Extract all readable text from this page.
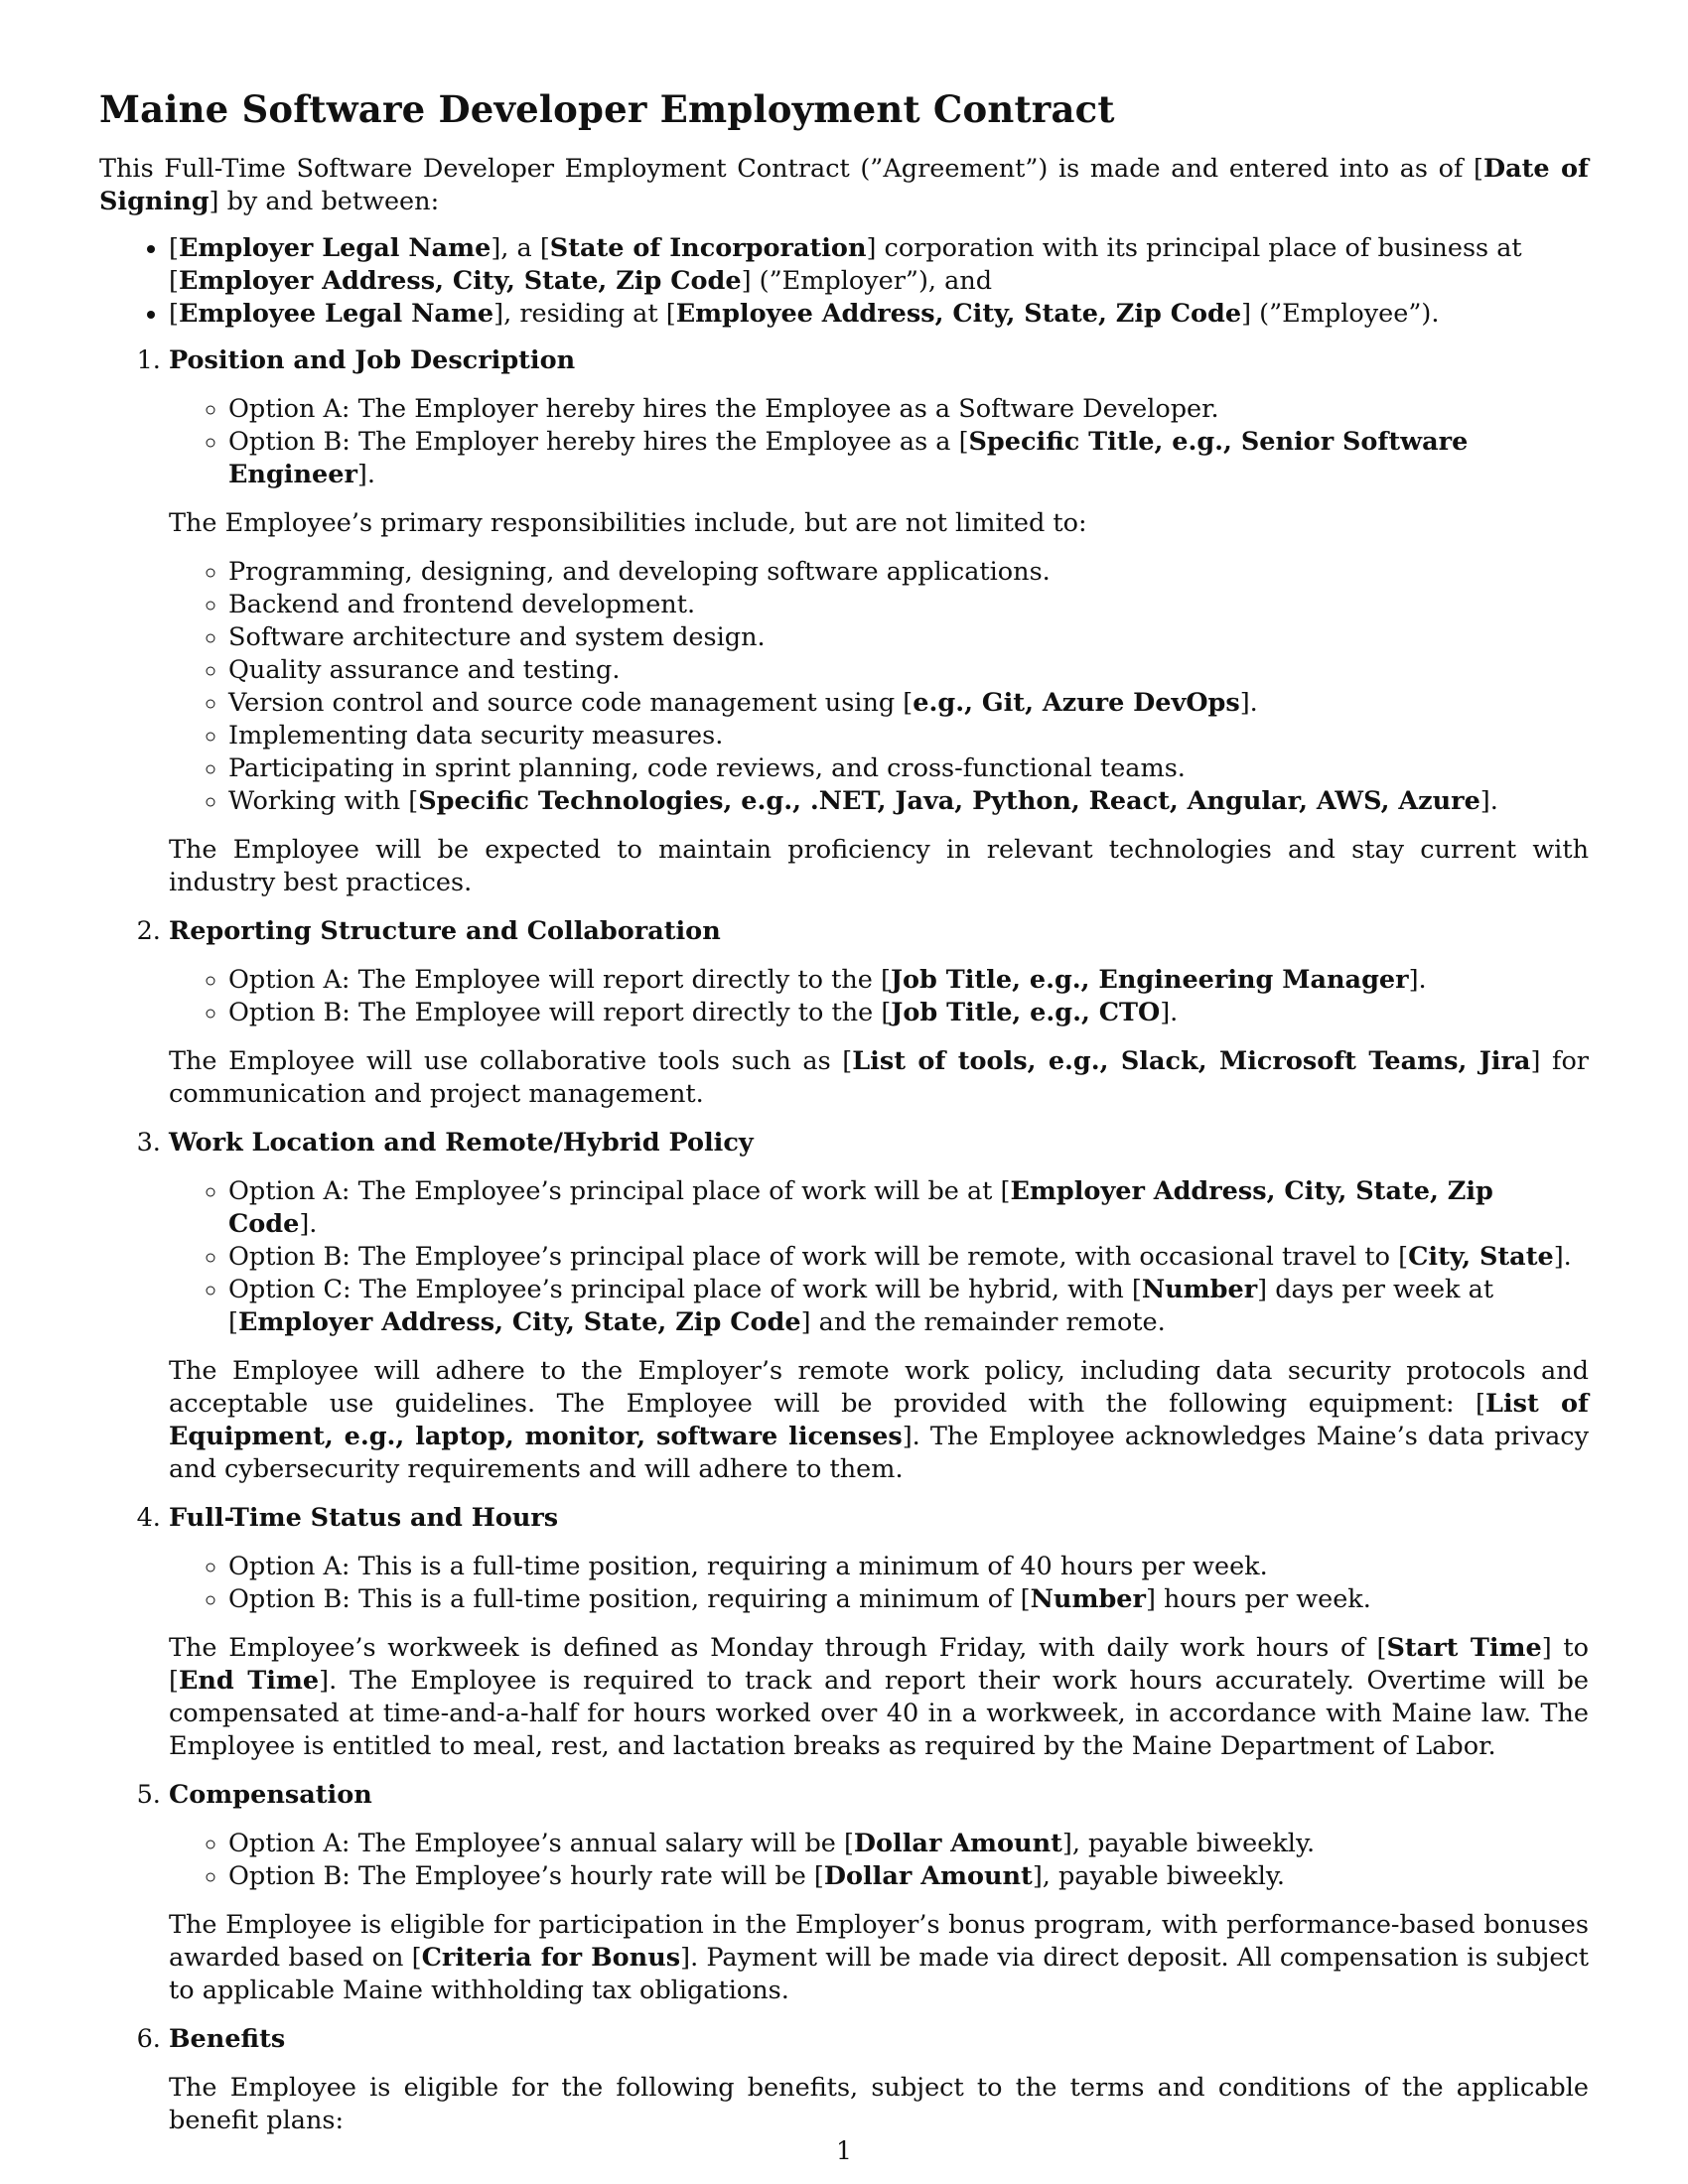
Maine Software Developer Employment Contract

This Full-Time Software Developer Employment Contract (”Agreement”) is made and entered into as of [Date of Signing] by and between:

• [Employer Legal Name], a [State of Incorporation] corporation with its principal place of business at [Employer Address, City, State, Zip Code] (”Employer”), and
• [Employee Legal Name], residing at [Employee Address, City, State, Zip Code] (”Employee”).
1. Position and Job Description
◦ Option A: The Employer hereby hires the Employee as a Software Developer.
◦ Option B: The Employer hereby hires the Employee as a [Specific Title, e.g., Senior Software Engineer].

The Employee’s primary responsibilities include, but are not limited to:

◦ Programming, designing, and developing software applications.
◦ Backend and frontend development.
◦ Software architecture and system design.
◦ Quality assurance and testing.
◦ Version control and source code management using [e.g., Git, Azure DevOps].
◦ Implementing data security measures.
◦ Participating in sprint planning, code reviews, and cross-functional teams.
◦ Working with [Specific Technologies, e.g., .NET, Java, Python, React, Angular, AWS, Azure].

The Employee will be expected to maintain proficiency in relevant technologies and stay current with industry best practices.

2. Reporting Structure and Collaboration
◦ Option A: The Employee will report directly to the [Job Title, e.g., Engineering Manager].
◦ Option B: The Employee will report directly to the [Job Title, e.g., CTO].

The Employee will use collaborative tools such as [List of tools, e.g., Slack, Microsoft Teams, Jira] for communication and project management.

3. Work Location and Remote/Hybrid Policy
◦ Option A: The Employee’s principal place of work will be at [Employer Address, City, State, Zip Code].
◦ Option B: The Employee’s principal place of work will be remote, with occasional travel to [City, State].
◦ Option C: The Employee’s principal place of work will be hybrid, with [Number] days per week at [Employer Address, City, State, Zip Code] and the remainder remote.

The Employee will adhere to the Employer’s remote work policy, including data security protocols and acceptable use guidelines. The Employee will be provided with the following equipment: [List of Equipment, e.g., laptop, monitor, software licenses]. The Employee acknowledges Maine’s data privacy and cybersecurity requirements and will adhere to them.

4. Full-Time Status and Hours
◦ Option A: This is a full-time position, requiring a minimum of 40 hours per week.
◦ Option B: This is a full-time position, requiring a minimum of [Number] hours per week.

The Employee’s workweek is defined as Monday through Friday, with daily work hours of [Start Time] to [End Time]. The Employee is required to track and report their work hours accurately. Overtime will be compensated at time-and-a-half for hours worked over 40 in a workweek, in accordance with Maine law. The Employee is entitled to meal, rest, and lactation breaks as required by the Maine Department of Labor.

5. Compensation
◦ Option A: The Employee’s annual salary will be [Dollar Amount], payable biweekly.
◦ Option B: The Employee’s hourly rate will be [Dollar Amount], payable biweekly.

The Employee is eligible for participation in the Employer’s bonus program, with performance-based bonuses awarded based on [Criteria for Bonus]. Payment will be made via direct deposit. All compensation is subject to applicable Maine withholding tax obligations.

6. Benefits

The Employee is eligible for the following benefits, subject to the terms and conditions of the applicable benefit plans:

1
